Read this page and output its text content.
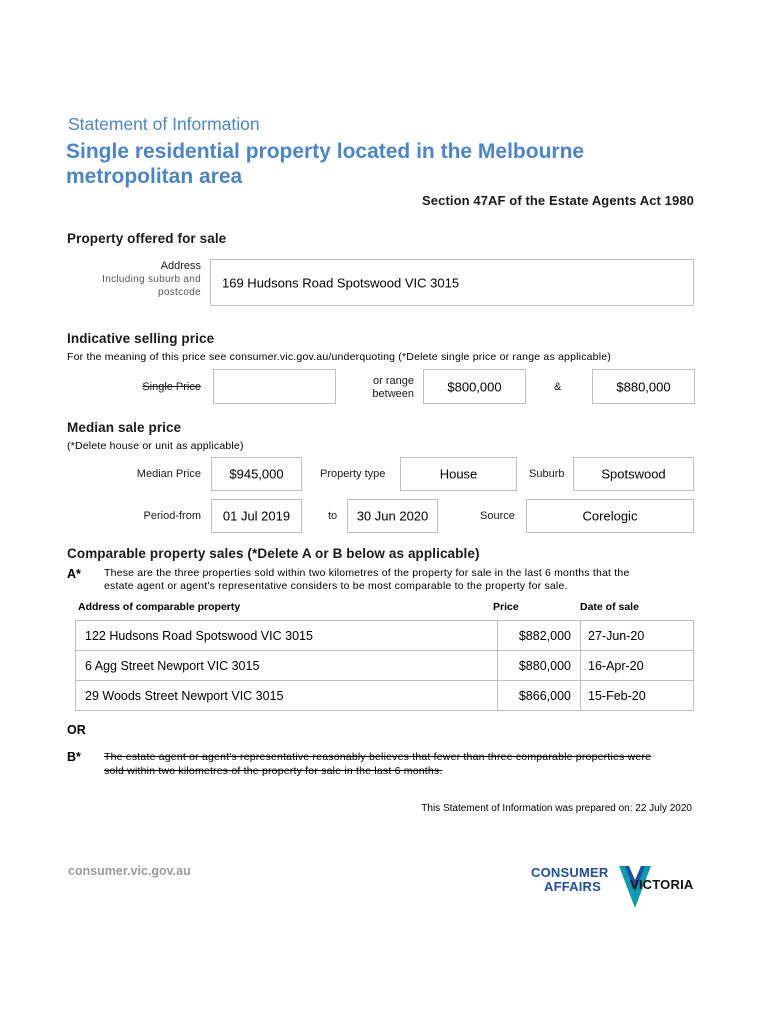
Statement of Information
Single residential property located in the Melbourne
metropolitan area
Section 47AF of the Estate Agents Act 1980
Property offered for sale
Address
Including suburb and
postcode
169 Hudsons Road Spotswood VIC 3015
Indicative selling price
For the meaning of this price see consumer.vic.gov.au/underquoting (*Delete single price or range as applicable)
Single Price	or range
between	$800,000	&	$880,000
Median sale price
(*Delete house or unit as applicable)
Median Price	$945,000	Property type	House	Suburb	Spotswood
Period-from	01 Jul 2019	to	30 Jun 2020	Source	Corelogic
Comparable property sales (*Delete A or B below as applicable)
A* These are the three properties sold within two kilometres of the property for sale in the last 6 months that the
estate agent or agent's representative considers to be most comparable to the property for sale.
Address of comparable property	Price	Date of sale
122 Hudsons Road Spotswood VIC 3015	$882,000	27-Jun-20
6 Agg Street Newport VIC 3015	$880,000	16-Apr-20
29 Woods Street Newport VIC 3015	$866,000	15-Feb-20
OR
B* The estate agent or agent's representative reasonably believes that fewer than three comparable properties were
sold within two kilometres of the property for sale in the last 6 months.
This Statement of Information was prepared on: 22 July 2020
consumer.vic.gov.au	CONSUMER
AFFAIRS VICTORIA
